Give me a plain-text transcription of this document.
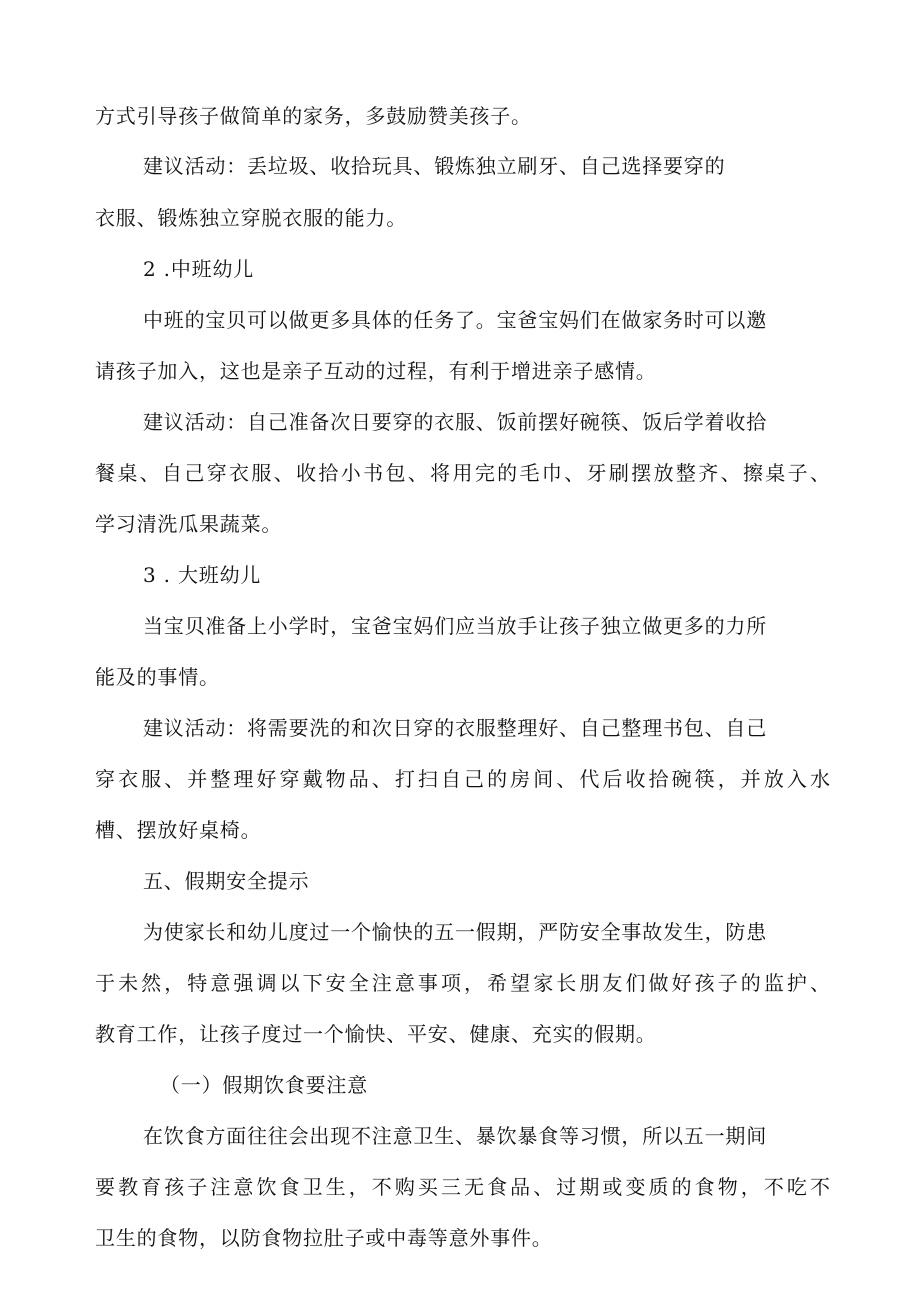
方式引导孩子做简单的家务，多鼓励赞美孩子。
建议活动：丢垃圾、收拾玩具、锻炼独立刷牙、自己选择要穿的
衣服、锻炼独立穿脱衣服的能力。
2 .中班幼儿
中班的宝贝可以做更多具体的任务了。宝爸宝妈们在做家务时可以邀
请孩子加入，这也是亲子互动的过程，有利于增进亲子感情。
建议活动：自己准备次日要穿的衣服、饭前摆好碗筷、饭后学着收拾
餐桌、自己穿衣服、收拾小书包、将用完的毛巾、牙刷摆放整齐、擦桌子、
学习清洗瓜果蔬菜。
3 . 大班幼儿
当宝贝准备上小学时，宝爸宝妈们应当放手让孩子独立做更多的力所
能及的事情。
建议活动：将需要洗的和次日穿的衣服整理好、自己整理书包、自己
穿衣服、并整理好穿戴物品、打扫自己的房间、代后收拾碗筷，并放入水
槽、摆放好桌椅。
五、假期安全提示
为使家长和幼儿度过一个愉快的五一假期，严防安全事故发生，防患
于未然，特意强调以下安全注意事项，希望家长朋友们做好孩子的监护、
教育工作，让孩子度过一个愉快、平安、健康、充实的假期。
（一）假期饮食要注意
在饮食方面往往会出现不注意卫生、暴饮暴食等习惯，所以五一期间
要教育孩子注意饮食卫生，不购买三无食品、过期或变质的食物，不吃不
卫生的食物，以防食物拉肚子或中毒等意外事件。
